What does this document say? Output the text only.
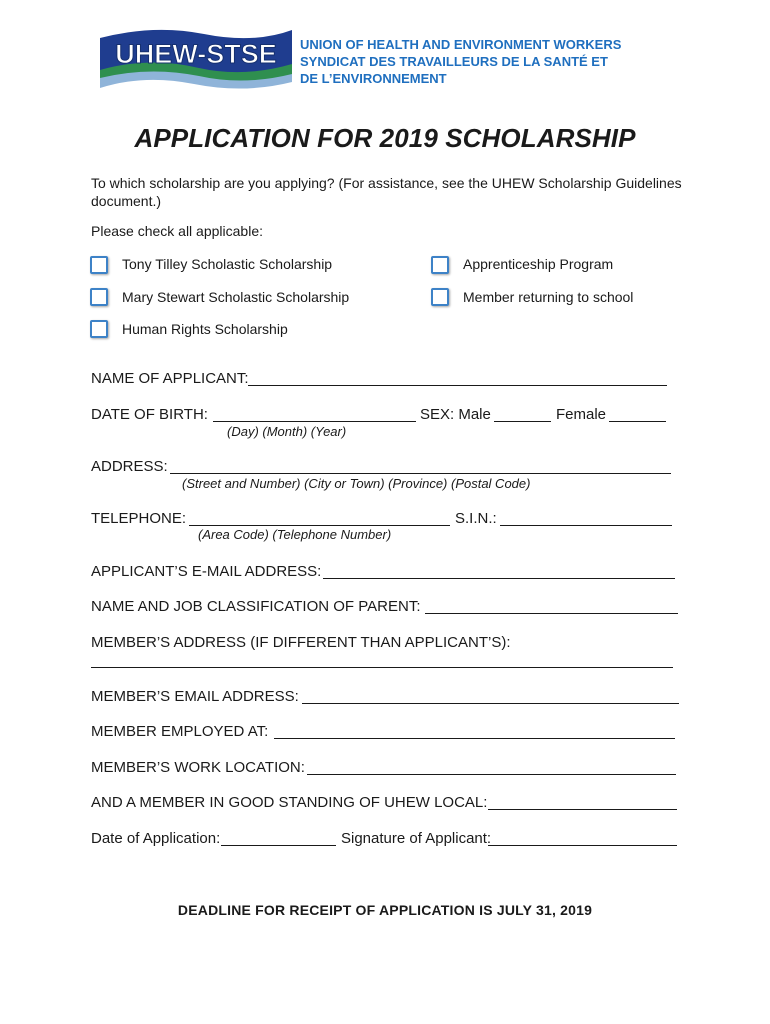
UHEW-STSE UNION OF HEALTH AND ENVIRONMENT WORKERS
SYNDICAT DES TRAVAILLEURS DE LA SANTÉ ET
DE L’ENVIRONNEMENT
APPLICATION FOR 2019 SCHOLARSHIP
To which scholarship are you applying? (For assistance, see the UHEW Scholarship Guidelines
document.)
Please check all applicable:
Tony Tilley Scholastic Scholarship	Apprenticeship Program
Mary Stewart Scholastic Scholarship	Member returning to school
Human Rights Scholarship
NAME OF APPLICANT:
DATE OF BIRTH:	SEX: Male	Female
(Day) (Month) (Year)
ADDRESS:
(Street and Number) (City or Town) (Province) (Postal Code)
TELEPHONE:	S.I.N.:
(Area Code) (Telephone Number)
APPLICANT’S E-MAIL ADDRESS:
NAME AND JOB CLASSIFICATION OF PARENT:
MEMBER’S ADDRESS (IF DIFFERENT THAN APPLICANT’S):
MEMBER’S EMAIL ADDRESS:
MEMBER EMPLOYED AT:
MEMBER’S WORK LOCATION:
AND A MEMBER IN GOOD STANDING OF UHEW LOCAL:
Date of Application:	Signature of Applicant:
DEADLINE FOR RECEIPT OF APPLICATION IS JULY 31, 2019
